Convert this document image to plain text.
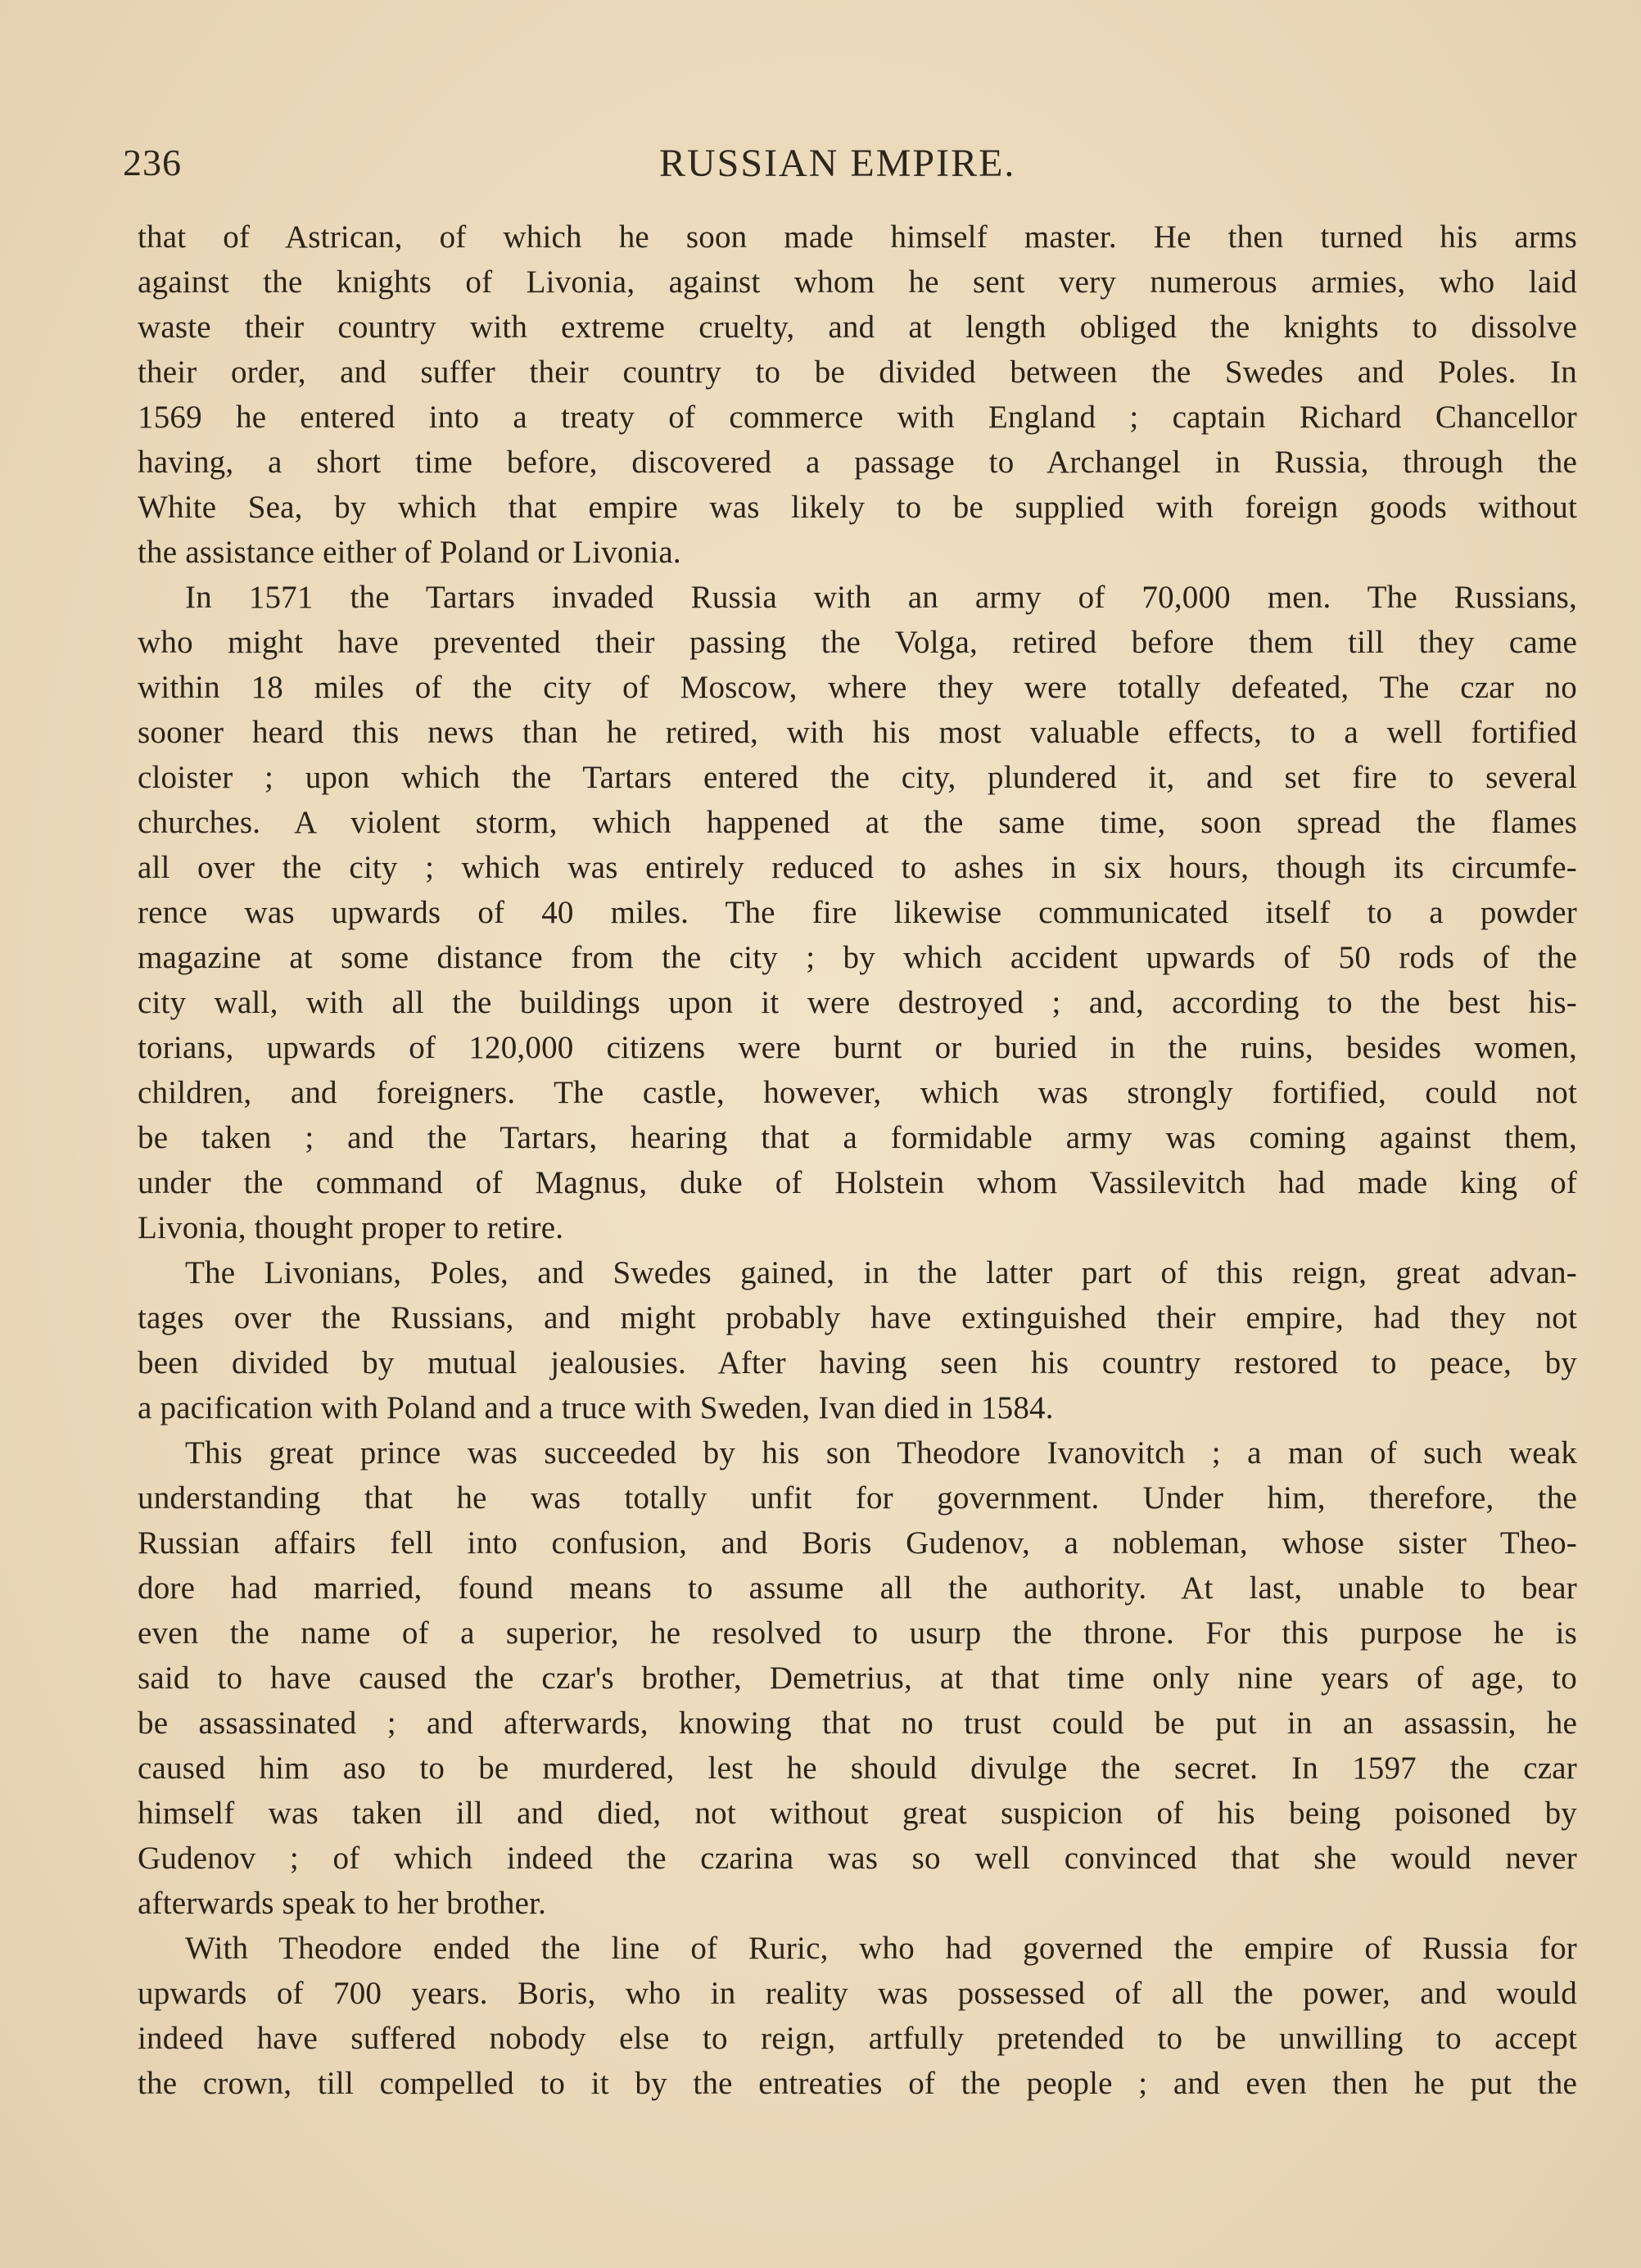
236	RUSSIAN EMPIRE.
that of Astrican, of which he soon made himself master. He then turned his arms
against the knights of Livonia, against whom he sent very numerous armies, who laid
waste their country with extreme cruelty, and at length obliged the knights to dissolve
their order, and suffer their country to be divided between the Swedes and Poles. In
1569 he entered into a treaty of commerce with England ; captain Richard Chancellor
having, a short time before, discovered a passage to Archangel in Russia, through the
White Sea, by which that empire was likely to be supplied with foreign goods without
the assistance either of Poland or Livonia.
In 1571 the Tartars invaded Russia with an army of 70,000 men. The Russians,
who might have prevented their passing the Volga, retired before them till they came
within 18 miles of the city of Moscow, where they were totally defeated, The czar no
sooner heard this news than he retired, with his most valuable effects, to a well fortified
cloister ; upon which the Tartars entered the city, plundered it, and set fire to several
churches. A violent storm, which happened at the same time, soon spread the flames
all over the city ; which was entirely reduced to ashes in six hours, though its circumfe-
rence was upwards of 40 miles. The fire likewise communicated itself to a powder
magazine at some distance from the city ; by which accident upwards of 50 rods of the
city wall, with all the buildings upon it were destroyed ; and, according to the best his-
torians, upwards of 120,000 citizens were burnt or buried in the ruins, besides women,
children, and foreigners. The castle, however, which was strongly fortified, could not
be taken ; and the Tartars, hearing that a formidable army was coming against them,
under the command of Magnus, duke of Holstein whom Vassilevitch had made king of
Livonia, thought proper to retire.
The Livonians, Poles, and Swedes gained, in the latter part of this reign, great advan-
tages over the Russians, and might probably have extinguished their empire, had they not
been divided by mutual jealousies. After having seen his country restored to peace, by
a pacification with Poland and a truce with Sweden, Ivan died in 1584.
This great prince was succeeded by his son Theodore Ivanovitch ; a man of such weak
understanding that he was totally unfit for government. Under him, therefore, the
Russian affairs fell into confusion, and Boris Gudenov, a nobleman, whose sister Theo-
dore had married, found means to assume all the authority. At last, unable to bear
even the name of a superior, he resolved to usurp the throne. For this purpose he is
said to have caused the czar's brother, Demetrius, at that time only nine years of age, to
be assassinated ; and afterwards, knowing that no trust could be put in an assassin, he
caused him aso to be murdered, lest he should divulge the secret. In 1597 the czar
himself was taken ill and died, not without great suspicion of his being poisoned by
Gudenov ; of which indeed the czarina was so well convinced that she would never
afterwards speak to her brother.
With Theodore ended the line of Ruric, who had governed the empire of Russia for
upwards of 700 years. Boris, who in reality was possessed of all the power, and would
indeed have suffered nobody else to reign, artfully pretended to be unwilling to accept
the crown, till compelled to it by the entreaties of the people ; and even then he put the
